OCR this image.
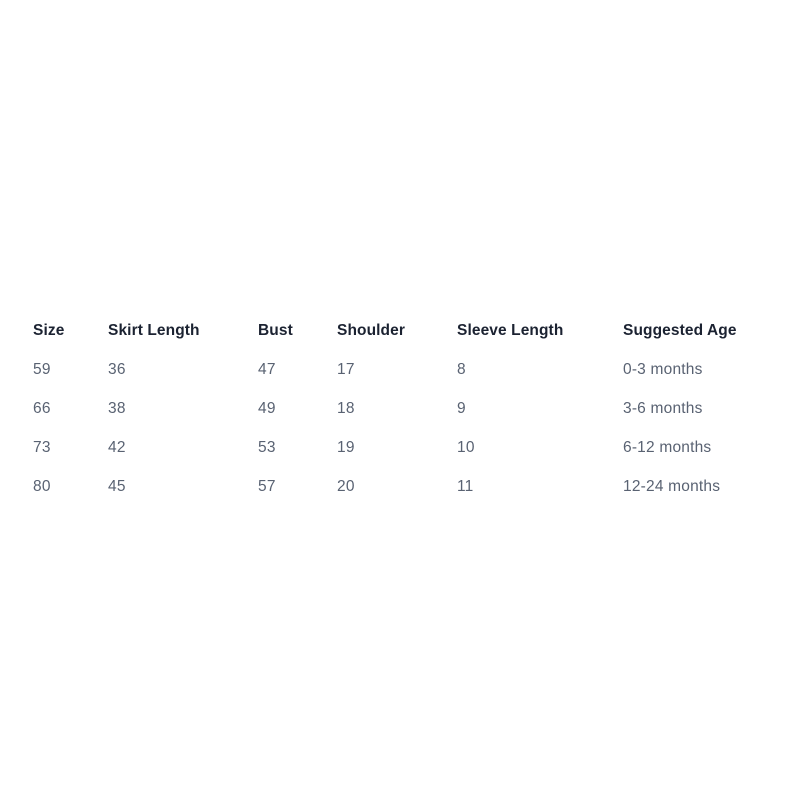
Size	Skirt Length	Bust	Shoulder	Sleeve Length	Suggested Age
59	36	47	17	8	0-3 months
66	38	49	18	9	3-6 months
73	42	53	19	10	6-12 months
80	45	57	20	11	12-24 months
